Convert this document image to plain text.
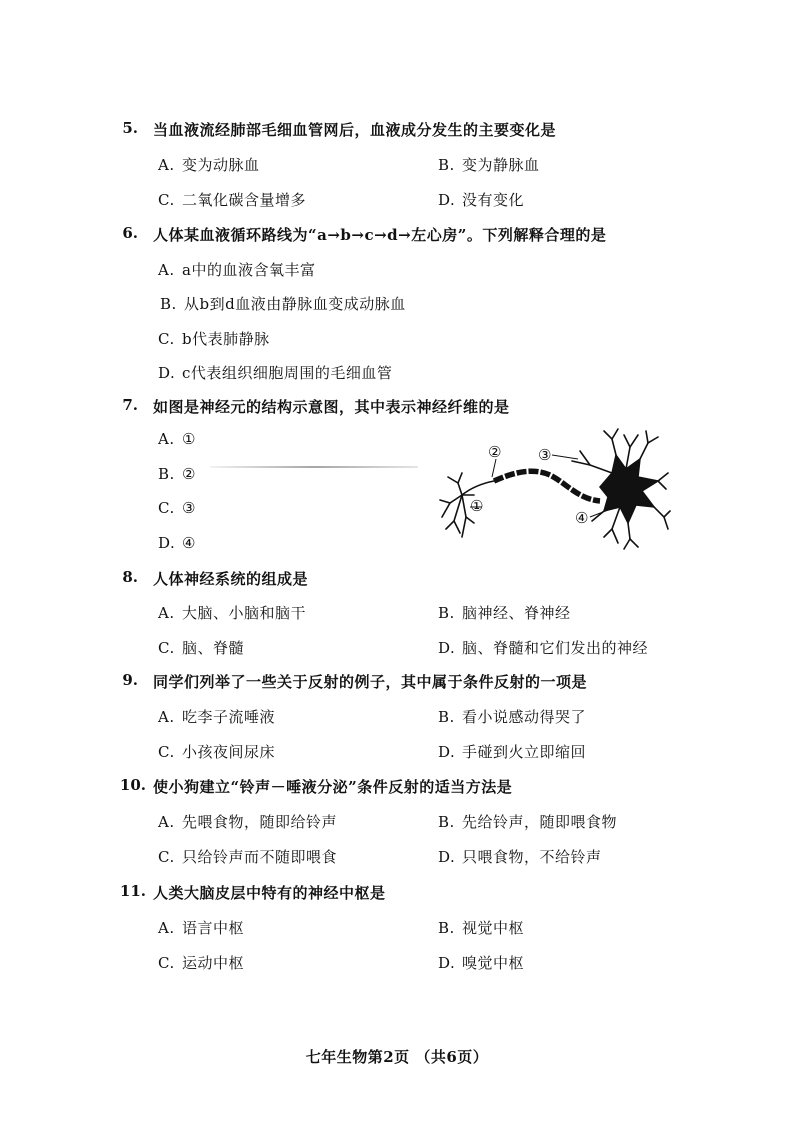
5. 当血液流经肺部毛细血管网后，血液成分发生的主要变化是
A. 变为动脉血	B. 变为静脉血
C. 二氧化碳含量增多	D. 没有变化
6. 人体某血液循环路线为“a→b→c→d→左心房”。下列解释合理的是
A. a中的血液含氧丰富
B. 从b到d血液由静脉血变成动脉血
C. b代表肺静脉
D. c代表组织细胞周围的毛细血管
7. 如图是神经元的结构示意图，其中表示神经纤维的是
A. ①
B. ②
C. ③
D. ④
①
② ③
④
8. 人体神经系统的组成是
A. 大脑、小脑和脑干	B. 脑神经、脊神经
C. 脑、脊髓	D. 脑、脊髓和它们发出的神经
9. 同学们列举了一些关于反射的例子，其中属于条件反射的一项是
A. 吃李子流唾液	B. 看小说感动得哭了
C. 小孩夜间尿床	D. 手碰到火立即缩回
10. 使小狗建立“铃声－唾液分泌”条件反射的适当方法是
A. 先喂食物，随即给铃声	B. 先给铃声，随即喂食物
C. 只给铃声而不随即喂食	D. 只喂食物，不给铃声
11. 人类大脑皮层中特有的神经中枢是
A. 语言中枢	B. 视觉中枢
C. 运动中枢	D. 嗅觉中枢
七年生物第2页 （共6页）
